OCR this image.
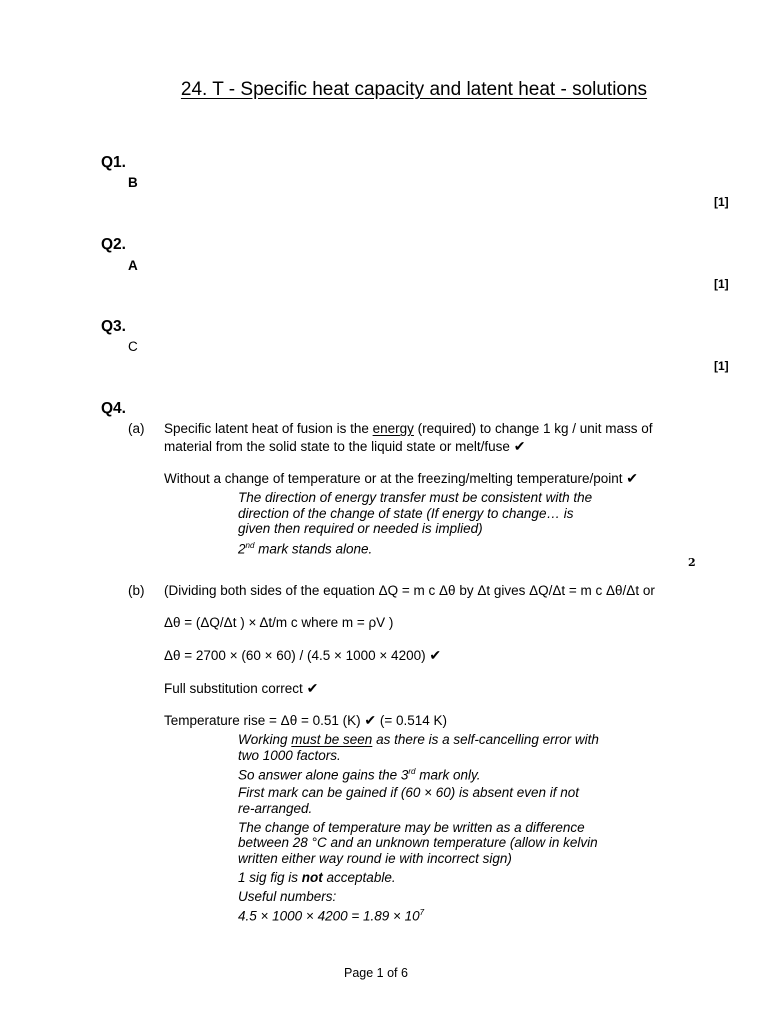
24. T - Specific heat capacity and latent heat - solutions
Q1.
B
[1]
Q2.
A
[1]
Q3.
C
[1]
Q4.
(a) Specific latent heat of fusion is the energy (required) to change 1 kg / unit mass of
material from the solid state to the liquid state or melt/fuse ✔
Without a change of temperature or at the freezing/melting temperature/point ✔
The direction of energy transfer must be consistent with the
direction of the change of state (If energy to change… is
given then required or needed is implied)
2nd mark stands alone.
2
(b) (Dividing both sides of the equation ΔQ = m c Δθ by Δt gives ΔQ/Δt = m c Δθ/Δt or
Δθ = (ΔQ/Δt ) × Δt/m c where m = ρV )
Δθ = 2700 × (60 × 60) / (4.5 × 1000 × 4200) ✔
Full substitution correct ✔
Temperature rise = Δθ = 0.51 (K) ✔ (= 0.514 K)
Working must be seen as there is a self-cancelling error with
two 1000 factors.
So answer alone gains the 3rd mark only.
First mark can be gained if (60 × 60) is absent even if not
re-arranged.
The change of temperature may be written as a difference
between 28 °C and an unknown temperature (allow in kelvin
written either way round ie with incorrect sign)
1 sig fig is not acceptable.
Useful numbers:
$4.5 \times 1000 \times 4200 = 1.89 \times 10^7$
Page 1 of 6
